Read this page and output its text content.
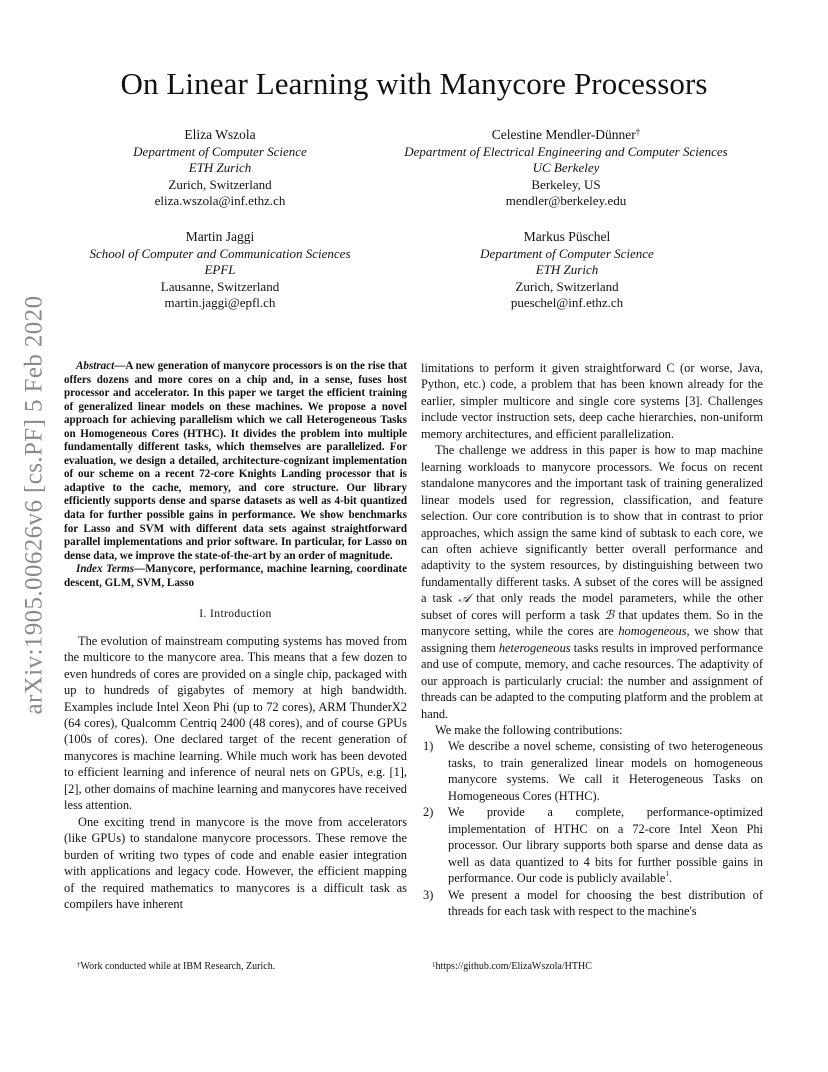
arXiv:1905.00626v6 [cs.PF] 5 Feb 2020
On Linear Learning with Manycore Processors
Eliza Wszola
Department of Computer Science
ETH Zurich
Zurich, Switzerland
eliza.wszola@inf.ethz.ch
Celestine Mendler-Dünner†
Department of Electrical Engineering and Computer Sciences
UC Berkeley
Berkeley, US
mendler@berkeley.edu
Martin Jaggi
School of Computer and Communication Sciences
EPFL
Lausanne, Switzerland
martin.jaggi@epfl.ch
Markus Püschel
Department of Computer Science
ETH Zurich
Zurich, Switzerland
pueschel@inf.ethz.ch

Abstract—A new generation of manycore processors is on the rise that offers dozens and more cores on a chip and, in a sense, fuses host processor and accelerator. In this paper we target the efficient training of generalized linear models on these machines. We propose a novel approach for achieving parallelism which we call Heterogeneous Tasks on Homogeneous Cores (HTHC). It divides the problem into multiple fundamentally different tasks, which themselves are parallelized. For evaluation, we design a detailed, architecture-cognizant implementation of our scheme on a recent 72-core Knights Landing processor that is adaptive to the cache, memory, and core structure. Our library efficiently supports dense and sparse datasets as well as 4-bit quantized data for further possible gains in performance. We show benchmarks for Lasso and SVM with different data sets against straightforward parallel implementations and prior software. In particular, for Lasso on dense data, we improve the state-of-the-art by an order of magnitude.

Index Terms—Manycore, performance, machine learning, coordinate descent, GLM, SVM, Lasso

I. Introduction

The evolution of mainstream computing systems has moved from the multicore to the manycore area. This means that a few dozen to even hundreds of cores are provided on a single chip, packaged with up to hundreds of gigabytes of memory at high bandwidth. Examples include Intel Xeon Phi (up to 72 cores), ARM ThunderX2 (64 cores), Qualcomm Centriq 2400 (48 cores), and of course GPUs (100s of cores). One declared target of the recent generation of manycores is machine learning. While much work has been devoted to efficient learning and inference of neural nets on GPUs, e.g. [1], [2], other domains of machine learning and manycores have received less attention.

One exciting trend in manycore is the move from accelerators (like GPUs) to standalone manycore processors. These remove the burden of writing two types of code and enable easier integration with applications and legacy code. However, the efficient mapping of the required mathematics to manycores is a difficult task as compilers have inherent

limitations to perform it given straightforward C (or worse, Java, Python, etc.) code, a problem that has been known already for the earlier, simpler multicore and single core systems [3]. Challenges include vector instruction sets, deep cache hierarchies, non-uniform memory architectures, and efficient parallelization.

The challenge we address in this paper is how to map machine learning workloads to manycore processors. We focus on recent standalone manycores and the important task of training generalized linear models used for regression, classification, and feature selection. Our core contribution is to show that in contrast to prior approaches, which assign the same kind of subtask to each core, we can often achieve significantly better overall performance and adaptivity to the system resources, by distinguishing between two fundamentally different tasks. A subset of the cores will be assigned a task 𝒜 that only reads the model parameters, while the other subset of cores will perform a task ℬ that updates them. So in the manycore setting, while the cores are homogeneous, we show that assigning them heterogeneous tasks results in improved performance and use of compute, memory, and cache resources. The adaptivity of our approach is particularly crucial: the number and assignment of threads can be adapted to the computing platform and the problem at hand.

We make the following contributions:

1) We describe a novel scheme, consisting of two heterogeneous tasks, to train generalized linear models on homogeneous manycore systems. We call it Heterogeneous Tasks on Homogeneous Cores (HTHC).
2) We provide a complete, performance-optimized implementation of HTHC on a 72-core Intel Xeon Phi processor. Our library supports both sparse and dense data as well as data quantized to 4 bits for further possible gains in performance. Our code is publicly available$^1$.
3) We present a model for choosing the best distribution of threads for each task with respect to the machine's
†Work conducted while at IBM Research, Zurich.	$^1$https://github.com/ElizaWszola/HTHC
